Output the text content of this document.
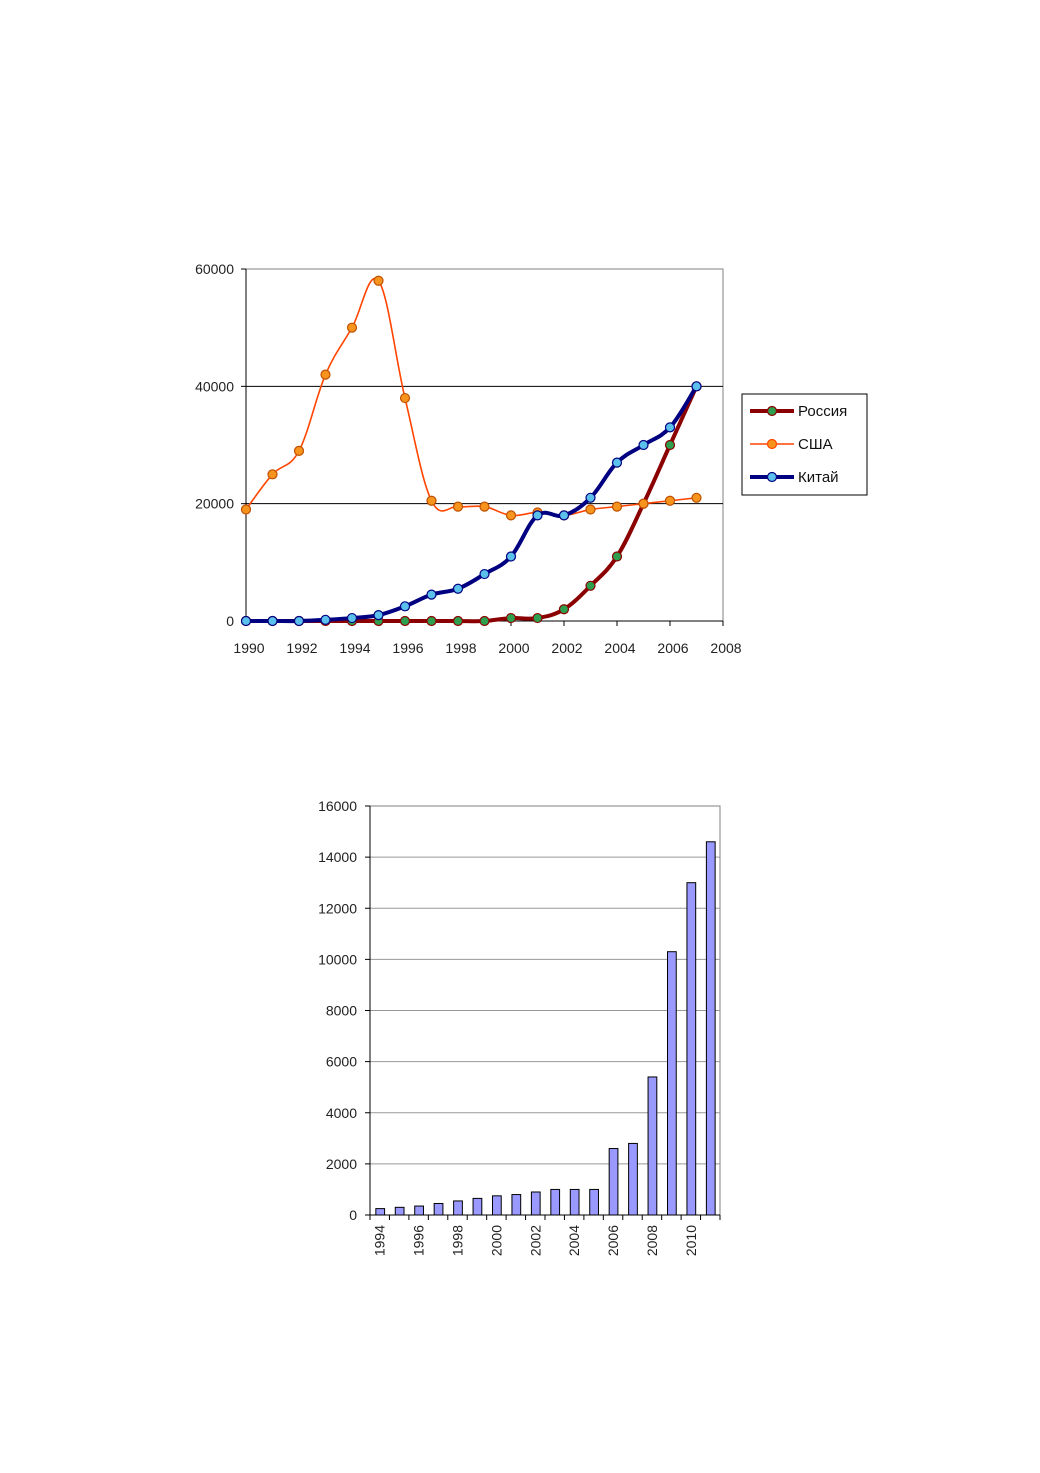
0
20000
40000
60000
1990 1992 1994 1996 1998 2000 2002 2004 2006 2008
Россия
США
Китай
0
2000
4000
6000
8000
10000
12000
14000
16000
1994 1996 1998 2000 2002 2004 2006 2008 2010
